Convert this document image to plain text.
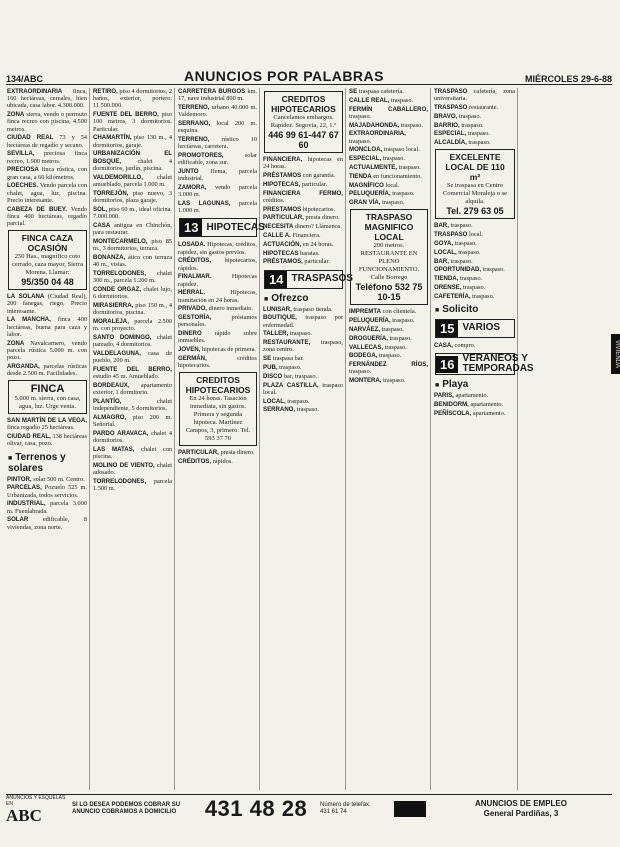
134/ABC	ANUNCIOS POR PALABRAS	MIÉRCOLES 29-6-88

EXTRAORDINARIA finca, 160 hectáreas, cereales, bien ubicada, casa labor. 4.300.000.

ZONA sierra, vendo o permuto finca recreo con piscina, 4.500 metros.

CIUDAD REAL 73 y 54 hectáreas de regadío y secano.

SEVILLA, preciosa finca recreo, 1.900 metros.

PRECIOSA finca rústica, con gran casa, a 60 kilómetros.

LOECHES. Vendo parcela con chalet, agua, luz, piscina. Precio interesante.

CABEZA DE BUEY. Vendo finca 400 hectáreas, regadío parcial.

FINCA CAZA OCASIÓN
250 Has., magnífico coto cerrado, caza mayor, Sierra Morena. Llamar:
95/350 04 48

LA SOLANA (Ciudad Real), 200 fanegas, riego. Precio interesante.

LA MANCHA, finca 400 hectáreas, buena para caza y labor.

ZONA Navalcarnero, vendo parcela rústica 5.000 m. con pozo.

ARGANDA, parcelas rústicas desde 2.500 m. Facilidades.

FINCA
5.000 m. sierra, con casa, agua, luz. Urge venta.

SAN MARTÍN DE LA VEGA, finca regadío 25 hectáreas.

CIUDAD REAL, 138 hectáreas olivar, casa, pozo.

■ Terrenos y solares

PINTOR, solar 500 m. Centro.

PARCELAS, Pozuelo 525 m. Urbanizada, todos servicios.

INDUSTRIAL, parcela 3.000 m. Fuenlabrada.

SOLAR edificable, 8 viviendas, zona norte.

RETIRO, piso 4 dormitorios, 2 baños, exterior, portero. 11.500.000.

FUENTE DEL BERRO, piso 100 metros, 3 dormitorios. Particular.

CHAMARTÍN, piso 130 m., 4 dormitorios, garaje.

URBANIZACIÓN EL BOSQUE,	chalet 4 dormitorios, jardín, piscina.

VALDEMORILLO, chalet amueblado, parcela 1.000 m.

TORREJÓN, piso nuevo, 3 dormitorios, plaza garaje.

SOL, piso 60 m., ideal oficina. 7.000.000.

CASA antigua en Chinchón, para restaurar.

MONTECARMELO, piso 85 m., 3 dormitorios, terraza.

BONANZA, ático con terraza 40 m., vistas.

TORRELODONES, chalet 300 m., parcela 1.200 m.

CONDE ORGAZ, chalet lujo, 6 dormitorios.

MIRASIERRA, piso 150 m., 4 dormitorios, piscina.

MORALEJA, parcela 2.500 m. con proyecto.

SANTO DOMINGO, chalet pareado, 4 dormitorios.

VALDELAGUNA, casa de pueblo, 200 m.

FUENTE DEL BERRO, estudio 45 m. Amueblado.

BORDEAUX, apartamento exterior, 1 dormitorio.

PLANTÍO,	chalet independiente, 5 dormitorios.

ALMAGRO, piso 200 m. Señorial.

PARDO ARAVACA, chalet 4 dormitorios.

LAS MATAS, chalet con piscina.

MOLINO DE VIENTO, chalet adosado.

TORRELODONES, parcela 1.500 m.

CARRETERA BURGOS km. 17, nave industrial 800 m.

TERRENO, urbano 40.000 m. Valdemoro.

SERRANO, local 200 m. esquina.

TERRENO, rústico 10 hectáreas, carretera.

PROMOTORES,	solar edificable, zona sur.

JUNTO Ifema, parcela industrial.

ZAMORA, vendo parcela 3.000 m.

LAS LAGUNAS, parcela 1.000 m.

13 HIPOTECAS

LOSADA. Hipotecas, créditos, rapidez, sin gastos previos.

CRÉDITOS, hipotecarios, rápidos.

FINALMAR.	Hipotecas rapidez.

HERRAL.	Hipotecas, tramitación en 24 horas.

PRIVADO, dinero inmediato.

GESTORÍA,	préstamos personales.

DINERO rápido sobre inmuebles.

JOVEN, hipotecas de primera.

GERMÁN,	créditos hipotecarios.

CREDITOS HIPOTECARIOS
En 24 horas. Tasación inmediata, sin gastos. Primera y segunda hipoteca. Martínez Campos, 3, primero. Tel. 593 37 70

PARTICULAR, presta dinero.

CRÉDITOS, rápidos.

CREDITOS HIPOTECARIOS
Cancelamos embargos. Rapidez. Segovia, 22, 1.º
446 99 61-447 67 60

FINANCIERA, hipotecas en 24 horas.

PRÉSTAMOS con garantía.

HIPOTECAS, particular.

FINANCIERA FERMO, créditos.

PRESTAMOS hipotecarios.

PARTICULAR, presta dinero.

NECESITA dinero? Llámenos.

CALLE A. Financiera.

ACTUACIÓN, en 24 horas.

HIPOTECAS baratas.

PRÉSTAMOS, particular.

14 TRASPASOS
■ Ofrezco

LUNISAR, traspaso tienda.

BOUTIQUE, traspaso por enfermedad.

TALLER, traspaso.

RESTAURANTE, traspaso, zona centro.

SE traspasa bar.

PUB, traspaso.

DISCO bar, traspaso.

PLAZA CASTILLA, traspaso local.

LOCAL, traspaso.

SERRANO, traspaso.

SE traspasa cafetería.

CALLE REAL, traspaso.

FERMÍN CABALLERO, traspaso.

MAJADAHONDA, traspaso.

EXTRAORDINARIA, traspaso.

MONCLOA, traspaso local.

ESPECIAL, traspaso.

ACTUALMENTE, traspaso.

TIENDA en funcionamiento.

MAGNÍFICO local.

PELUQUERÍA, traspaso.

GRAN VÍA, traspaso.

TRASPASO MAGNIFICO LOCAL
200 metros. RESTAURANTE EN PLENO FUNCIONAMIENTO. Calle Borrego
Teléfono 532 75 10-15

IMPREMTA con clientela.

PELUQUERÍA, traspaso.

NARVÁEZ, traspaso.

DROGUERÍA, traspaso.

VALLECAS, traspaso.

BODEGA, traspaso.

FERNÁNDEZ RÍOS, traspaso.

MONTERA, traspaso.

TRASPASO cafetería, zona universitaria.

TRASPASO restaurante.

BRAVO, traspaso.

BARRIO, traspaso.

ESPECIAL, traspaso.

ALCALDÍA, traspaso.

EXCELENTE LOCAL DE 110 m²
Se traspasa en Centro Comercial Moraleja o se alquila.
Tel. 279 63 05

BAR, traspaso.

TRASPASO local.

GOYA, traspaso.

LOCAL, traspaso.

BAR, traspaso.

OPORTUNIDAD, traspaso.

TIENDA, traspaso.

ORENSE, traspaso.

CAFETERÍA, traspaso.

■ Solicito
15 VARIOS

CASA, compro.

16 VERANEOS Y TEMPORADAS
■ Playa

PARIS, apartamento.

BENIDORM, apartamento.

PEÑÍSCOLA, apartamento.

VIVIENDA
ANUNCIOS Y ESQUELAS EN
ABC
SI LO DESEA PODEMOS COBRAR SU ANUNCIO COBRAMOS A DOMICILIO	431 48 28	Número de telefax:
431 61 74
ANUNCIOS DE EMPLEO
General Pardiñas, 3
